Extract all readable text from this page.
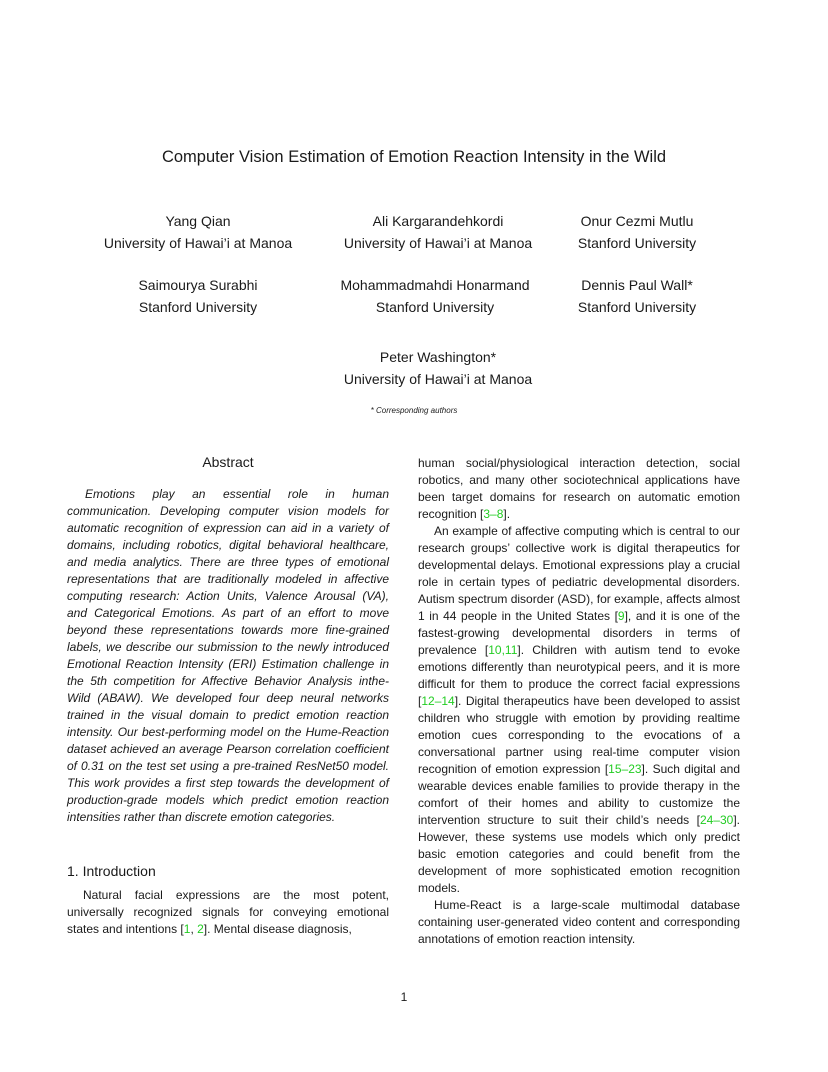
Computer Vision Estimation of Emotion Reaction Intensity in the Wild
Yang Qian
University of Hawai’i at Manoa
Ali Kargarandehkordi
University of Hawai’i at Manoa
Onur Cezmi Mutlu
Stanford University
Saimourya Surabhi
Stanford University
Mohammadmahdi Honarmand
Stanford University
Dennis Paul Wall*
Stanford University
Peter Washington*
University of Hawai’i at Manoa
* Corresponding authors

Abstract

Emotions play an essential role in human communication. Developing computer vision models for automatic recognition of expression can aid in a variety of domains, including robotics, digital behavioral healthcare, and media analytics. There are three types of emotional representations that are traditionally modeled in affective computing research: Action Units, Valence Arousal (VA), and Categorical Emotions. As part of an effort to move beyond these representations towards more fine-grained labels, we describe our submission to the newly introduced Emotional Reaction Intensity (ERI) Estimation challenge in the 5th competition for Affective Behavior Analysis inthe-Wild (ABAW). We developed four deep neural networks trained in the visual domain to predict emotion reaction intensity. Our best-performing model on the Hume-Reaction dataset achieved an average Pearson correlation coefficient of 0.31 on the test set using a pre-trained ResNet50 model. This work provides a first step towards the development of production-grade models which predict emotion reaction intensities rather than discrete emotion categories.

1. Introduction

Natural facial expressions are the most potent, universally recognized signals for conveying emotional states and intentions [1, 2]. Mental disease diagnosis,

human social/physiological interaction detection, social robotics, and many other sociotechnical applications have been target domains for research on automatic emotion recognition [3–8].

An example of affective computing which is central to our research groups’ collective work is digital therapeutics for developmental delays. Emotional expressions play a crucial role in certain types of pediatric developmental disorders. Autism spectrum disorder (ASD), for example, affects almost 1 in 44 people in the United States [9], and it is one of the fastest-growing developmental disorders in terms of prevalence [10,11]. Children with autism tend to evoke emotions differently than neurotypical peers, and it is more difficult for them to produce the correct facial expressions [12–14]. Digital therapeutics have been developed to assist children who struggle with emotion by providing realtime emotion cues corresponding to the evocations of a conversational partner using real-time computer vision recognition of emotion expression [15–23]. Such digital and wearable devices enable families to provide therapy in the comfort of their homes and ability to customize the intervention structure to suit their child’s needs [24–30]. However, these systems use models which only predict basic emotion categories and could benefit from the development of more sophisticated emotion recognition models.

Hume-React is a large-scale multimodal database containing user-generated video content and corresponding annotations of emotion reaction intensity.

1
